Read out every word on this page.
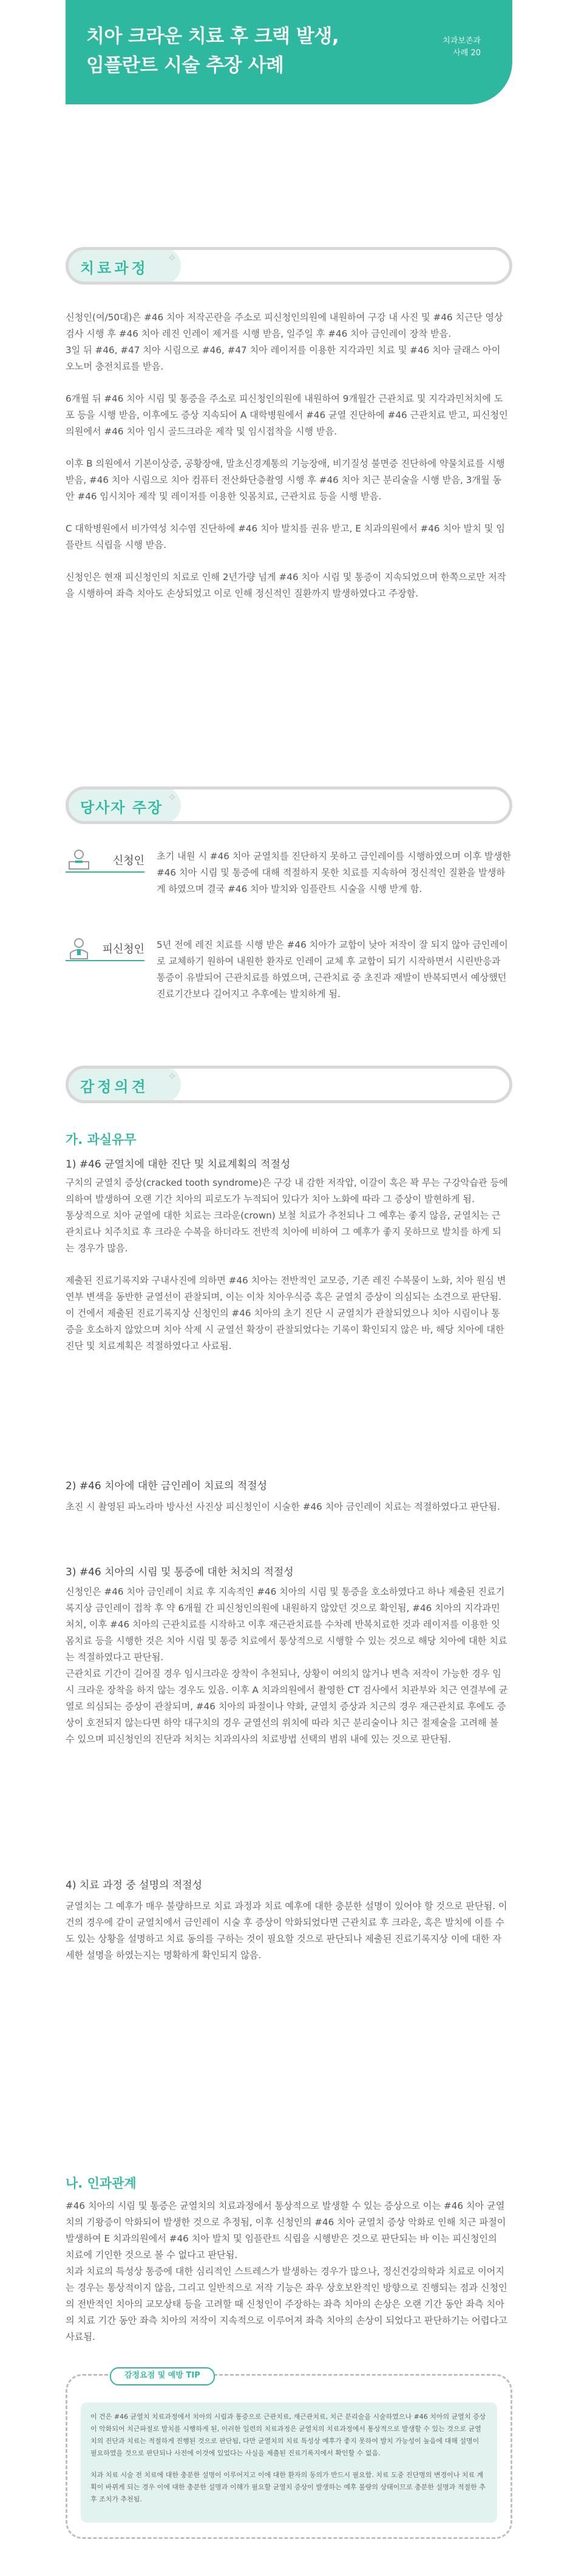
치아 크라운 치료 후 크랙 발생,
임플란트 시술 추장 사례
치과보존과
사례 20
치료과정
✧

신청인(여/50대)은 #46 치아 저작곤란을 주소로 피신청인의원에 내원하여 구강 내 사진 및 #46 치근단 영상검사 시행 후 #46 치아 레진 인레이 제거를 시행 받음, 일주일 후 #46 치아 금인레이 장착 받음.
3일 뒤 #46, #47 치아 시림으로 #46, #47 치아 레이저를 이용한 지각과민 치료 및 #46 치아 글래스 아이오노머 충전치료를 받음.

6개월 뒤 #46 치아 시림 및 통증을 주소로 피신청인의원에 내원하여 9개월간 근관치료 및 지각과민처치에 도포 등을 시행 받음, 이후에도 증상 지속되어 A 대학병원에서 #46 균열 진단하에 #46 근관치료 받고, 피신청인의원에서 #46 치아 임시 골드크라운 제작 및 임시접착을 시행 받음.

이후 B 의원에서 기본이상증, 공황장애, 말초신경계통의 기능장애, 비기질성 불면증 진단하에 약물치료를 시행 받음, #46 치아 시림으로 치아 컴퓨터 전산화단층촬영 시행 후 #46 치아 치근 분리술을 시행 받음, 3개월 동안 #46 임시치아 제작 및 레이저를 이용한 잇몸치료, 근관치료 등을 시행 받음.

C 대학병원에서 비가역성 치수염 진단하에 #46 치아 발치를 권유 받고, E 치과의원에서 #46 치아 발치 및 임플란트 식립을 시행 받음.

신청인은 현재 피신청인의 치료로 인해 2년가량 넘게 #46 치아 시림 및 통증이 지속되었으며 한쪽으로만 저작을 시행하여 좌측 치아도 손상되었고 이로 인해 정신적인 질환까지 발생하였다고 주장함.

당사자 주장
✧
신청인 초기 내원 시 #46 치아 균열치를 진단하지 못하고 금인레이를 시행하였으며 이후 발생한 #46 치아 시림 및 통증에 대해 적절하지 못한 치료를 지속하여 정신적인 질환을 발생하게 하였으며 결국 #46 치아 발치와 임플란트 시술을 시행 받게 함.
피신청인 5년 전에 레진 치료를 시행 받은 #46 치아가 교합이 낮아 저작이 잘 되지 않아 금인레이로 교체하기 원하여 내원한 환자로 인레이 교체 후 교합이 되기 시작하면서 시린반응과 통증이 유발되어 근관치료를 하였으며, 근관치료 중 초진과 재발이 반복되면서 예상했던 진료기간보다 길어지고 추후에는 발치하게 됨.
감정의견
✧
가. 과실유무
1) #46 균열치에 대한 진단 및 치료계획의 적절성

구치의 균열치 증상(cracked tooth syndrome)은 구강 내 감한 저작압, 이갈이 혹은 꽉 무는 구강악습관 등에 의하여 발생하여 오랜 기간 치아의 피로도가 누적되어 있다가 치아 노화에 따라 그 증상이 발현하게 됨.
통상적으로 치아 균열에 대한 치료는 크라운(crown) 보철 치료가 추천되나 그 예후는 좋지 않음, 균열치는 근관치료나 치주치료 후 크라운 수복을 하더라도 전반적 치아에 비하여 그 예후가 좋지 못하므로 발치를 하게 되는 경우가 많음.

제출된 진료기록지와 구내사진에 의하면 #46 치아는 전반적인 교모증, 기존 레진 수복물이 노화, 치아 원심 변연부 변색을 동반한 균열선이 관찰되며, 이는 이차 치아우식증 혹은 균열치 증상이 의심되는 소견으로 판단됨.
이 건에서 제출된 진료기록지상 신청인의 #46 치아의 초기 진단 시 균열치가 관찰되었으나 치아 시림이나 통증을 호소하지 않았으며 치아 삭제 시 균열선 확장이 관찰되었다는 기록이 확인되지 않은 바, 해당 치아에 대한 진단 및 치료계획은 적절하였다고 사료됨.

2) #46 치아에 대한 금인레이 치료의 적절성

초진 시 촬영된 파노라마 방사선 사진상 피신청인이 시술한 #46 치아 금인레이 치료는 적절하였다고 판단됨.

3) #46 치아의 시림 및 통증에 대한 처치의 적절성

신청인은 #46 치아 금인레이 치료 후 지속적인 #46 치아의 시림 및 통증을 호소하였다고 하나 제출된 진료기록지상 금인레이 접착 후 약 6개월 간 피신청인의원에 내원하지 않았던 것으로 확인됨, #46 치아의 지각과민처치, 이후 #46 치아의 근관치료를 시작하고 이후 재근관치료를 수차례 반복치료한 것과 레이저를 이용한 잇몸치료 등을 시행한 것은 치아 시림 및 통증 치료에서 통상적으로 시행할 수 있는 것으로 해당 치아에 대한 치료는 적절하였다고 판단됨.
근관치료 기간이 길어질 경우 임시크라운 장착이 추천되나, 상황이 여의치 않거나 변측 저작이 가능한 경우 임시 크라운 장착을 하지 않는 경우도 있음. 이후 A 치과의원에서 촬영한 CT 검사에서 치관부와 치근 연결부에 균열로 의심되는 증상이 관찰되며, #46 치아의 파절이나 약화, 균열치 증상과 치근의 경우 재근관치료 후에도 증상이 호전되지 않는다면 하악 대구치의 경우 균열선의 위치에 따라 치근 분리술이나 치근 절제술을 고려해 볼 수 있으며 피신청인의 진단과 처치는 치과의사의 치료방법 선택의 범위 내에 있는 것으로 판단됨.

4) 치료 과정 중 설명의 적절성

균열치는 그 예후가 매우 불량하므로 치료 과정과 치료 예후에 대한 충분한 설명이 있어야 할 것으로 판단됨. 이 건의 경우에 같이 균열치에서 금인레이 시술 후 증상이 악화되었다면 근관치료 후 크라운, 혹은 발치에 이를 수도 있는 상황을 설명하고 치료 동의를 구하는 것이 필요할 것으로 판단되나 제출된 진료기록지상 이에 대한 자세한 설명을 하였는지는 명확하게 확인되지 않음.

나. 인과관계

#46 치아의 시림 및 통증은 균열치의 치료과정에서 통상적으로 발생할 수 있는 증상으로 이는 #46 치아 균열치의 기왕증이 악화되어 발생한 것으로 추정됨, 이후 신청인의 #46 치아 균열치 증상 악화로 인해 치근 파절이 발생하여 E 치과의원에서 #46 치아 발치 및 임플란트 식립을 시행받은 것으로 판단되는 바 이는 피신청인의 치료에 기인한 것으로 볼 수 없다고 판단됨.
치과 치료의 특성상 통증에 대한 심리적인 스트레스가 발생하는 경우가 많으나, 정신건강의학과 치료로 이어지는 경우는 통상적이지 않음, 그리고 일반적으로 저작 기능은 좌우 상호보완적인 방향으로 진행되는 점과 신청인의 전반적인 치아의 교모상태 등을 고려할 때 신청인이 주장하는 좌측 치아의 손상은 오랜 기간 동안 좌측 치아의 치료 기간 동안 좌측 치아의 저작이 지속적으로 이루어져 좌측 치아의 손상이 되었다고 판단하기는 어렵다고 사료됨.

감정요점 및 예방 TIP

이 건은 #46 균열치 치료과정에서 치아의 시림과 통증으로 근관치료, 재근관치료, 치근 분리술을 시술하였으나 #46 치아의 균열치 증상이 악화되어 치근파절로 발치를 시행하게 된, 이러한 일련의 치료과정은 균열치의 치료과정에서 통상적으로 발생할 수 있는 것으로 균열치의 진단과 치료는 적절하게 진행된 것으로 판단됨, 다만 균열치의 치료 특성상 예후가 좋지 못하여 발치 가능성이 높음에 대해 설명이 필요하였을 것으로 판단되나 사전에 이것에 있었다는 사실을 제출된 진료기록지에서 확인할 수 없음.

치과 치료 시술 전 치료에 대한 충분한 설명이 이루어지고 이에 대한 환자의 동의가 반드시 필요함. 치료 도중 진단명의 변경이나 치료 계획이 바뀌게 되는 경우 이에 대한 충분한 설명과 이해가 필요할 균열치 증상이 발생하는 예후 불량의 상태이므로 충분한 설명과 적절한 추후 조치가 추천됨.
